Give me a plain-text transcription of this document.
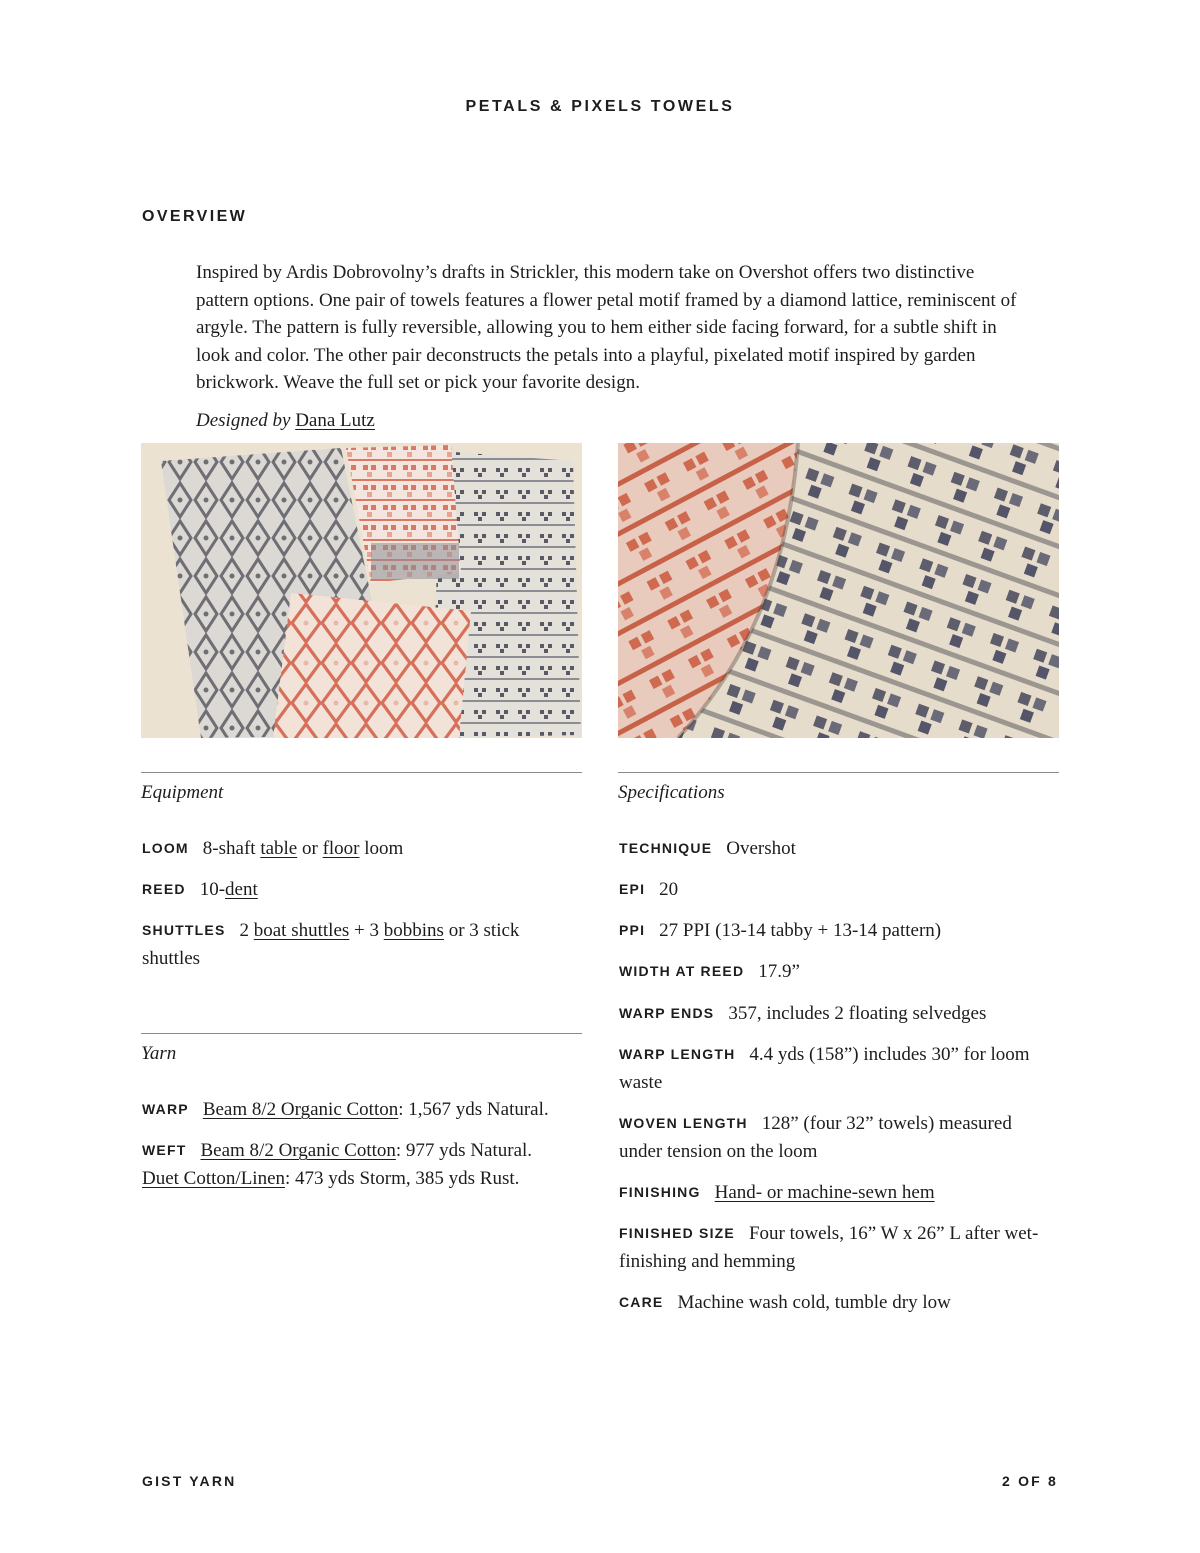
PETALS & PIXELS TOWELS
OVERVIEW

Inspired by Ardis Dobrovolny’s drafts in Strickler, this modern take on Overshot offers two distinctive pattern options. One pair of towels features a flower petal motif framed by a diamond lattice, reminiscent of argyle. The pattern is fully reversible, allowing you to hem either side facing forward, for a subtle shift in look and color. The other pair deconstructs the petals into a playful, pixelated motif inspired by garden brickwork. Weave the full set or pick your favorite design.

Designed by Dana Lutz
Equipment
LOOM 8-shaft table or floor loom
REED 10-dent
SHUTTLES 2 boat shuttles + 3 bobbins or 3 stick shuttles
Yarn
WARP Beam 8/2 Organic Cotton: 1,567 yds Natural.
WEFT Beam 8/2 Organic Cotton: 977 yds Natural.
Duet Cotton/Linen: 473 yds Storm, 385 yds Rust.
Specifications
TECHNIQUE Overshot
EPI 20
PPI 27 PPI (13-14 tabby + 13-14 pattern)
WIDTH AT REED 17.9”
WARP ENDS 357, includes 2 floating selvedges
WARP LENGTH 4.4 yds (158”) includes 30” for loom waste
WOVEN LENGTH 128” (four 32” towels) measured under tension on the loom
FINISHING Hand- or machine-sewn hem
FINISHED SIZE Four towels, 16” W x 26” L after wet-finishing and hemming
CARE Machine wash cold, tumble dry low
GIST YARN	2 OF 8
